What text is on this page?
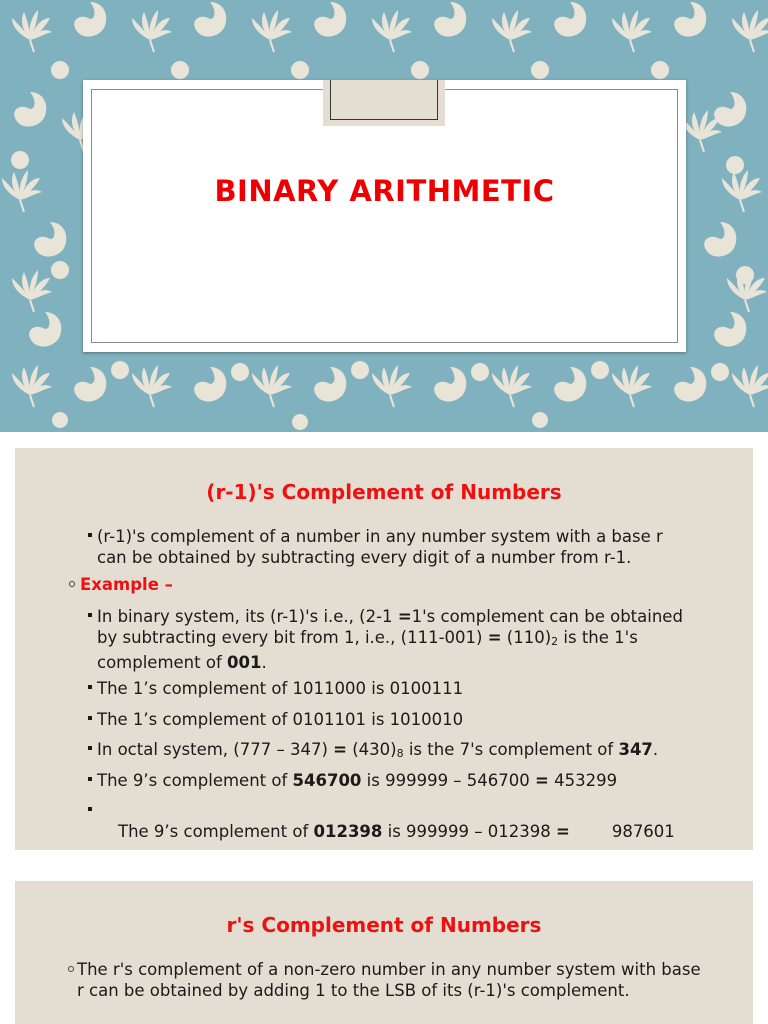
BINARY ARITHMETIC
(r-1)'s Complement of Numbers
(r-1)'s complement of a number in any number system with a base r can be obtained by subtracting every digit of a number from r-1.
Example –
In binary system, its (r-1)'s i.e., (2-1 =1's complement can be obtained by subtracting every bit from 1, i.e., $(111-001) = (110)_2$ is the 1's complement of 001.
The 1’s complement of 1011000 is 0100111
The 1’s complement of 0101101 is 1010010
In octal system, $(777 - 347) = (430)_8$ is the 7's complement of 347.
The 9’s complement of 546700 is 999999 – 546700 = 453299

The 9’s complement of 012398 is 999999 – 012398 =        987601

r's Complement of Numbers
The r's complement of a non-zero number in any number system with base r can be obtained by adding 1 to the LSB of its (r-1)'s complement.
